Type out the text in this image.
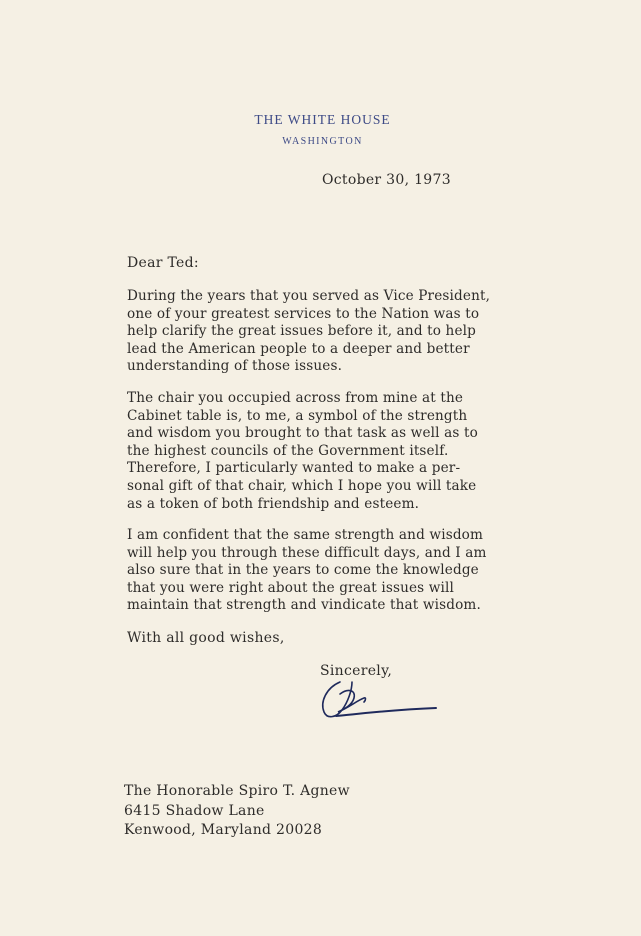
THE WHITE HOUSE
WASHINGTON
October 30, 1973
Dear Ted:

During the years that you served as Vice President,
one of your greatest services to the Nation was to
help clarify the great issues before it, and to help
lead the American people to a deeper and better
understanding of those issues.

The chair you occupied across from mine at the
Cabinet table is, to me, a symbol of the strength
and wisdom you brought to that task as well as to
the highest councils of the Government itself.
Therefore, I particularly wanted to make a per-
sonal gift of that chair, which I hope you will take
as a token of both friendship and esteem.

I am confident that the same strength and wisdom
will help you through these difficult days, and I am
also sure that in the years to come the knowledge
that you were right about the great issues will
maintain that strength and vindicate that wisdom.

With all good wishes,
Sincerely,
The Honorable Spiro T. Agnew
6415 Shadow Lane
Kenwood, Maryland 20028
